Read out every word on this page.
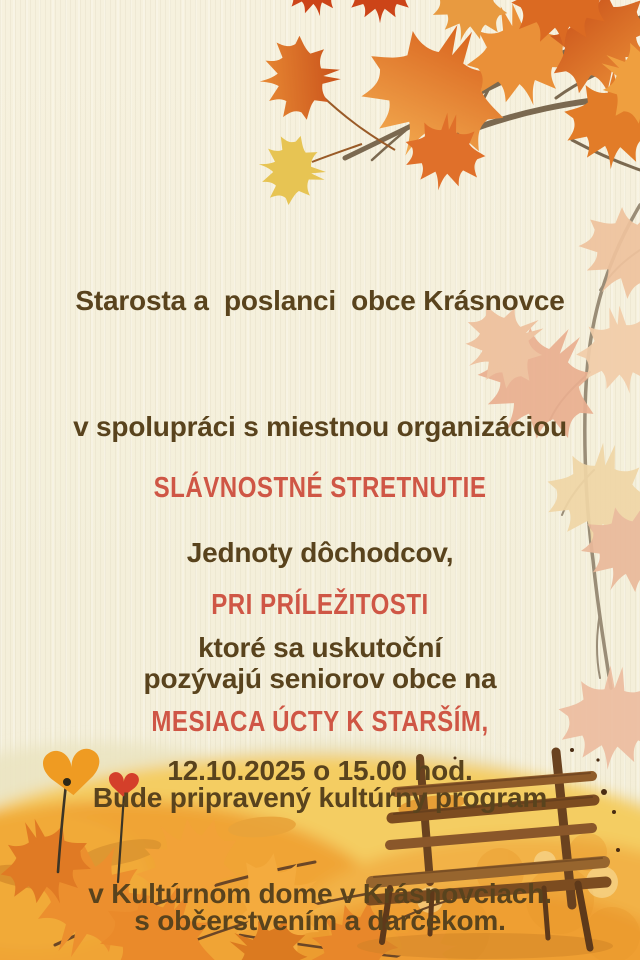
Starosta a  poslanci  obce Krásnovce

v spolupráci s miestnou organizáciou

Jednoty dôchodcov,

pozývajú seniorov obce na

SLÁVNOSTNÉ STRETNUTIE

PRI PRÍLEŽITOSTI

MESIACA ÚCTY K STARŠÍM,

ktoré sa uskutoční

12.10.2025 o 15.00 hod.

v Kultúrnom dome v Krásnovciach.

Bude pripravený kultúrny program

s občerstvením a darčekom.
